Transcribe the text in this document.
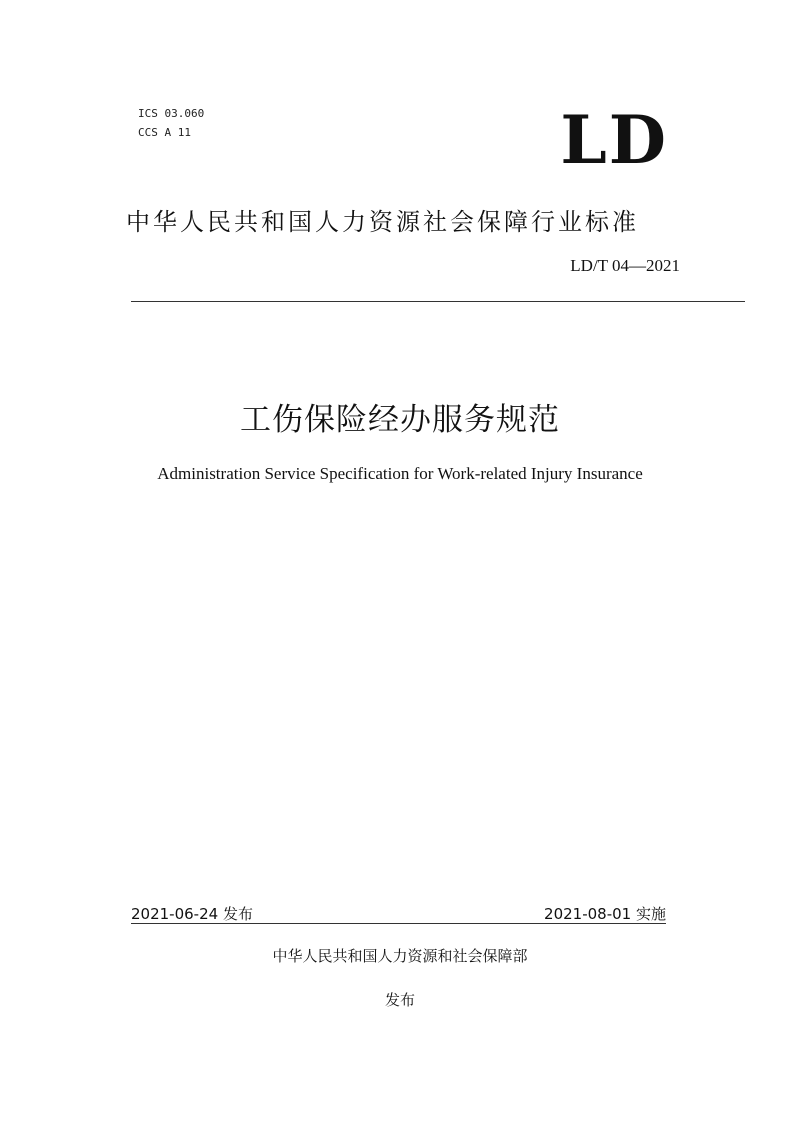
ICS 03.060
CCS A 11	LD
中华人民共和国人力资源社会保障行业标准
LD/T 04—2021
工伤保险经办服务规范
Administration Service Specification for Work-related Injury Insurance
2021-06-24 发布	2021-08-01 实施
中华人民共和国人力资源和社会保障部
发布
